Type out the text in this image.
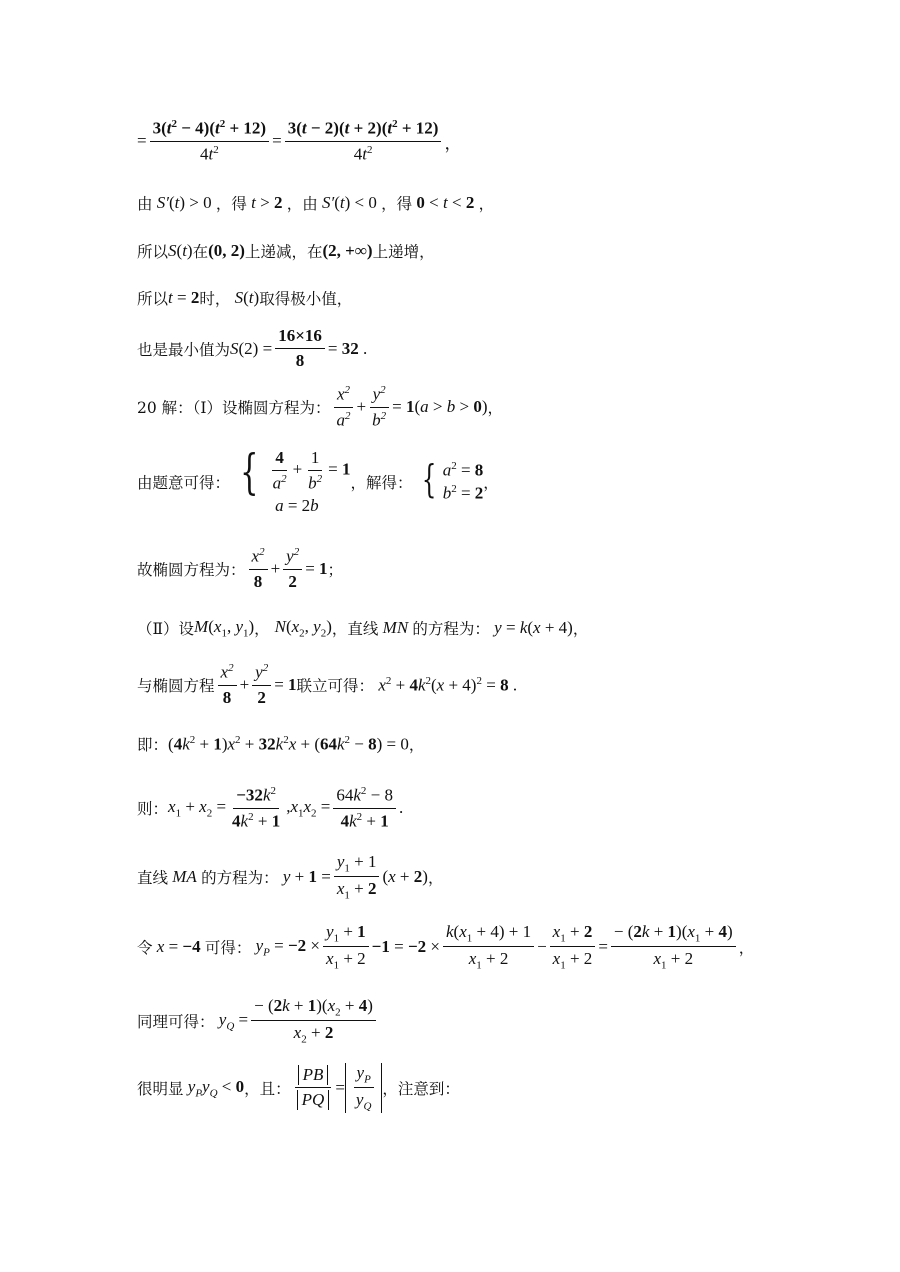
= $\frac{3(t^2 - 4)(t^2 + 12)}{4t^2} = \frac{3(t - 2)(t + 2)(t^2 + 12)}{4t^2}$ ，
由 S′(t) > 0 ，得 t > 2 ，由 S′(t) < 0 ，得 0 < t < 2 ，
所以 S(t) 在 (0, 2) 上递减，在 (2, +∞) 上递增，
所以 t = 2 时， S(t) 取得极小值，
也是最小值为 $S(2) = \frac{16\times 16}{8} = 32$ .
20 解：（Ⅰ）设椭圆方程为： $\frac{x^2}{a^2} + \frac{y^2}{b^2} = 1(a > b > 0)$ ，
由题意可得： { $\frac{4}{a^2} + \frac{1}{b^2} = 1$
a = 2b
，解得： { $a^2 = 8$
$b^2 = 2$
，
故椭圆方程为： $\frac{x^2}{8} + \frac{y^2}{2} = 1$ ；
（Ⅱ）设 $M(x_1$, $y_1$) ， $N(x_2$, $y_2$) ， 直线 MN 的方程为： y = k(x + 4) ，
与椭圆方程 $\frac{x^2}{8} + \frac{y^2}{2} = 1$ 联立可得： $x^2 + 4k^2(x + 4)^2 = 8$ .
即： $(4k^2 + 1)x^2 + 32k^2x + (64k^2 - 8) = 0$ ，
则： $x_1 + x_2 = \frac{-32k^2}{4k^2 + 1} ,x_1x_2 = \frac{64k^2 - 8}{4k^2 + 1}$ .
直线 MA 的方程为： $y + 1 = \frac{y_1 + 1}{x_1 + 2} (x + 2)$ ，
令 x = −4 可得： $y_P = -2 \times \frac{y_1 + 1}{x_1 + 2} -1 = -2 \times \frac{k(x_1 + 4) + 1}{x_1 + 2} - \frac{x_1 + 2}{x_1 + 2} = \frac{- (2k + 1)(x_1 + 4)}{x_1 + 2}$ ，
同理可得： $y_Q = \frac{- (2k + 1)(x_2 + 4)}{x_2 + 2}$
很明显 $y_Py_Q < 0$ ，且： $\frac{PB}{PQ} = \frac{y_P}{y_Q}$ ，注意到：
